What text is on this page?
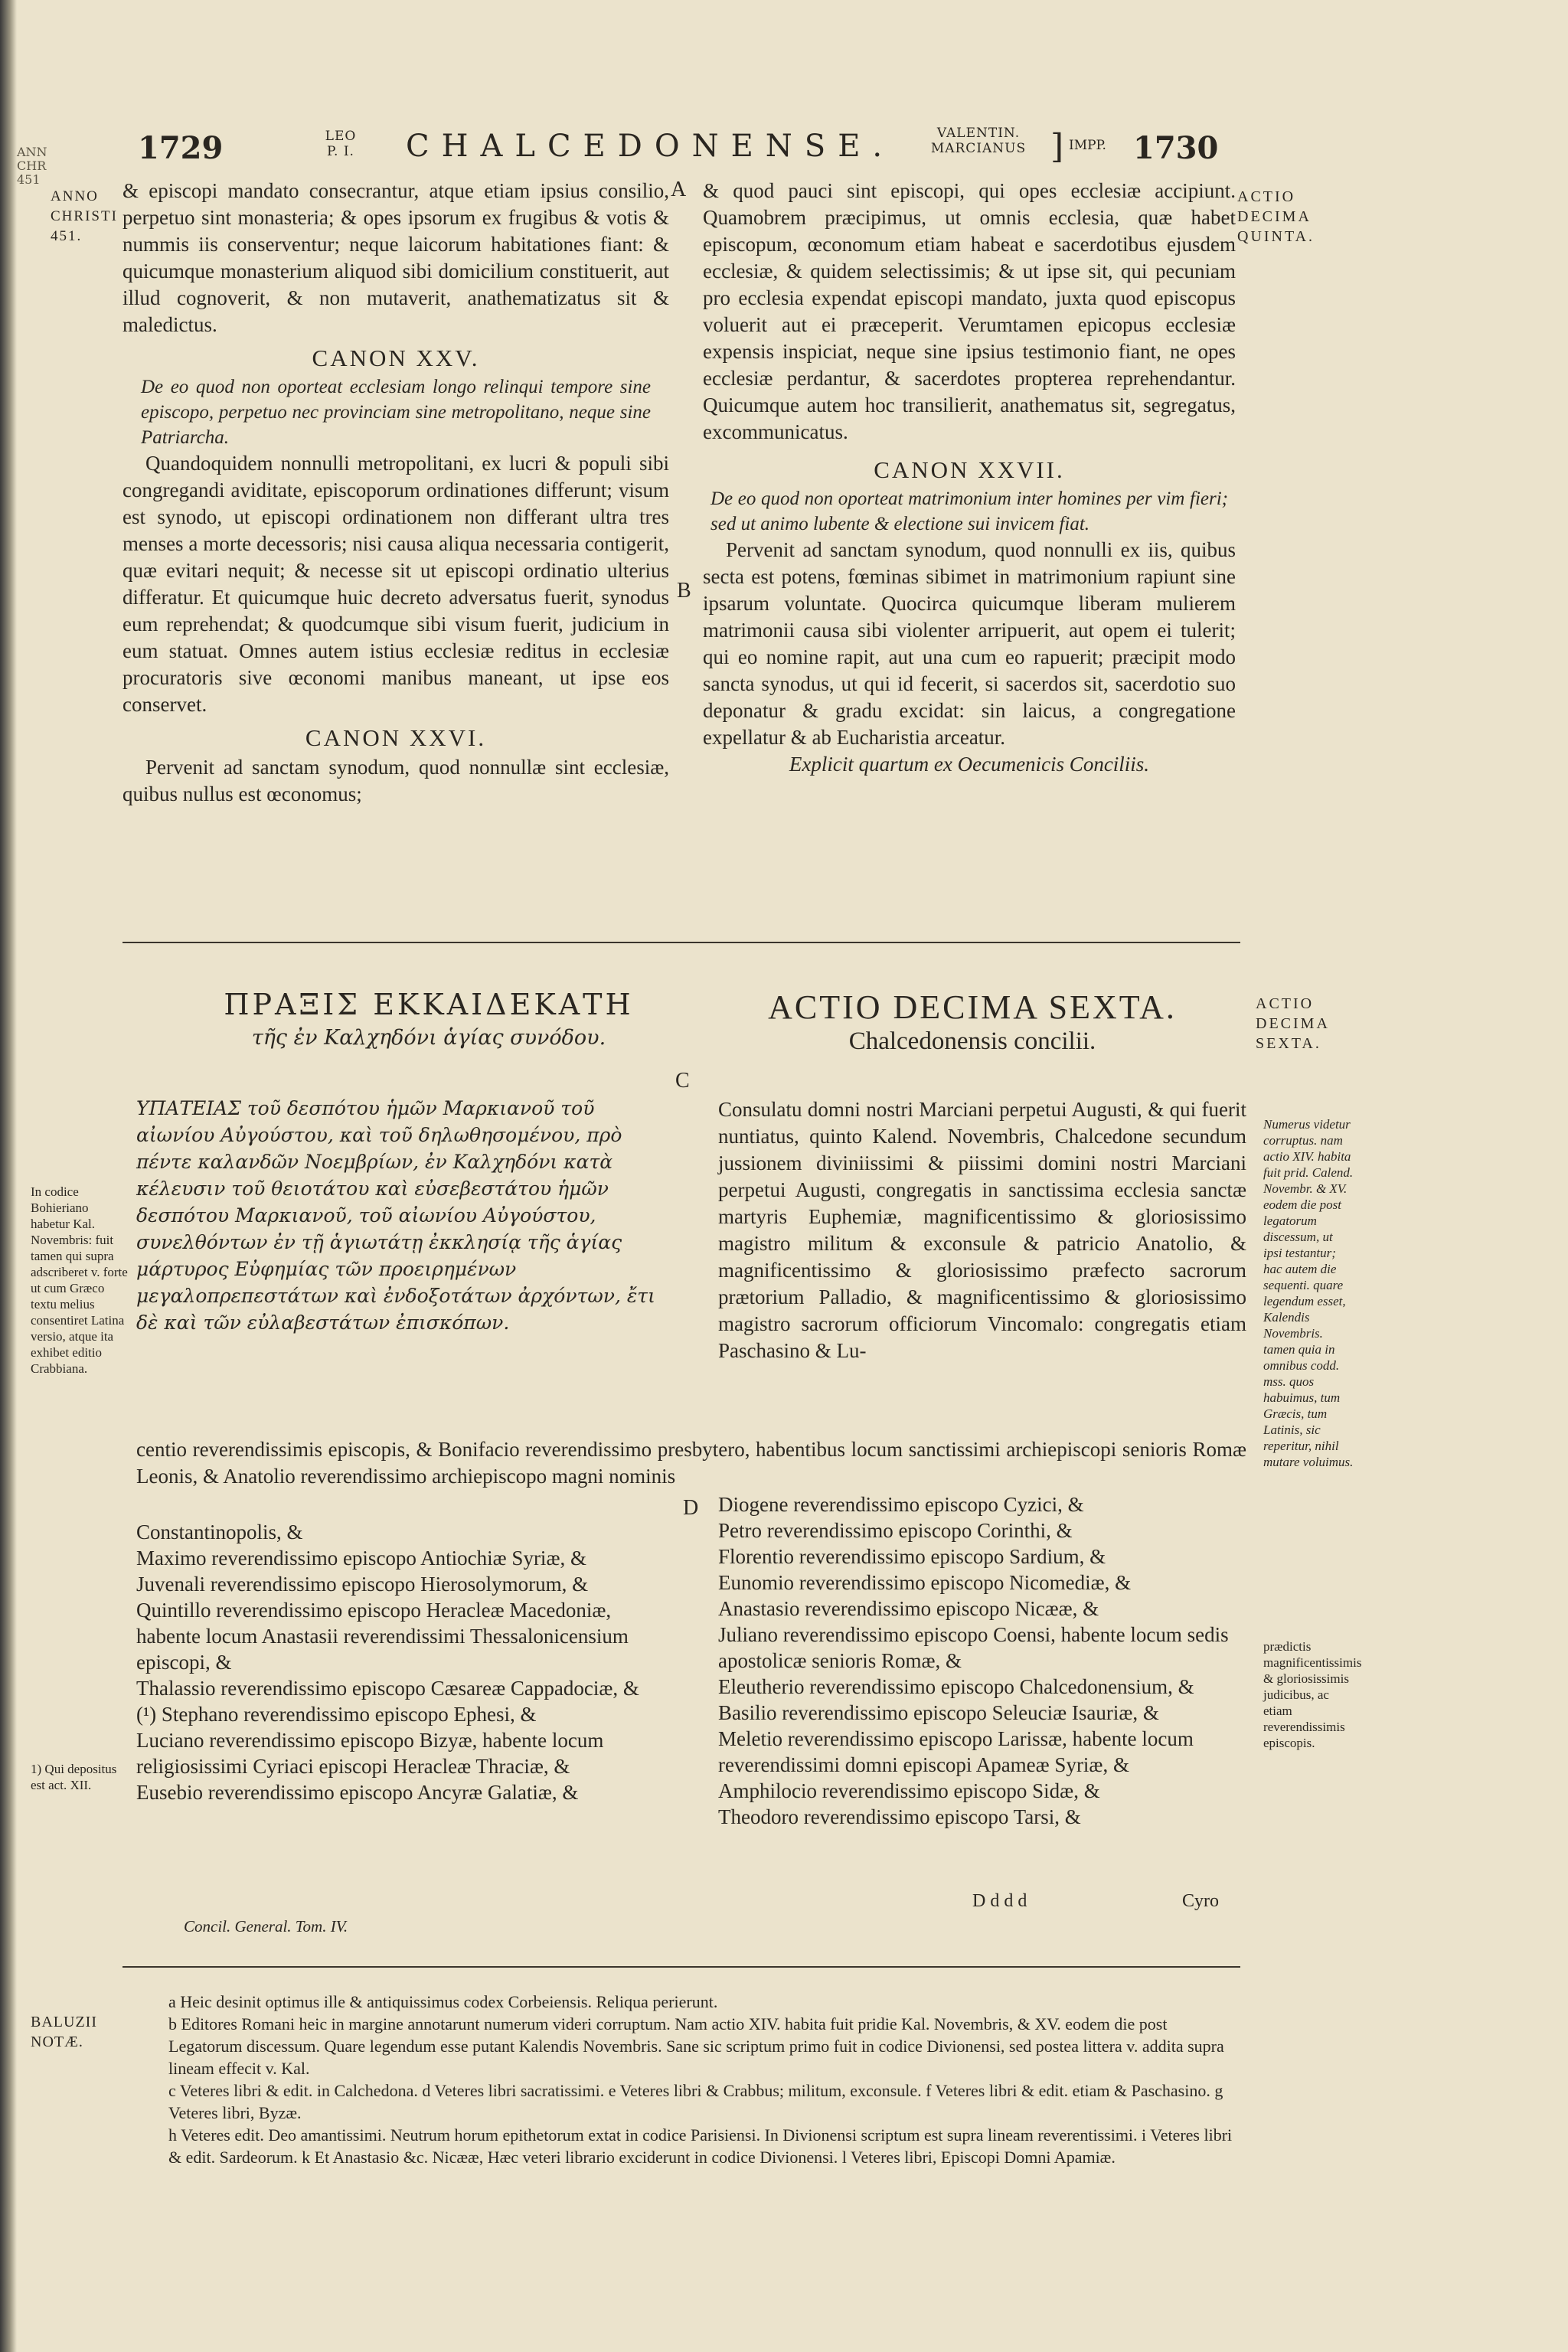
ANN
CHR
451
1729	LEO
P. I.	CHALCEDONENSE.	VALENTIN.
MARCIANUS ] IMPP. 1730
ANNO
CHRISTI
451.
ACTIO
DECIMA
QUINTA.

& episcopi mandato consecrantur, atque etiam ipsius consilio, perpetuo sint monasteria; & opes ipsorum ex frugibus & votis & nummis iis conserventur; neque laicorum habitationes fiant: & quicumque monasterium aliquod sibi domicilium constituerit, aut illud cognoverit, & non mutaverit, anathematizatus sit & maledictus.

CANON XXV.

De eo quod non oporteat ecclesiam longo relinqui tempore sine episcopo, perpetuo nec provinciam sine metropolitano, neque sine Patriarcha.

Quandoquidem nonnulli metropolitani, ex lucri & populi sibi congregandi aviditate, episcoporum ordinationes differunt; visum est synodo, ut episcopi ordinationem non differant ultra tres menses a morte decessoris; nisi causa aliqua necessaria contigerit, quæ evitari nequit; & necesse sit ut episcopi ordinatio ulterius differatur. Et quicumque huic decreto adversatus fuerit, synodus eum reprehendat; & quodcumque sibi visum fuerit, judicium in eum statuat. Omnes autem istius ecclesiæ reditus in ecclesiæ procuratoris sive œconomi manibus maneant, ut ipse eos conservet.

CANON XXVI.

Pervenit ad sanctam synodum, quod nonnullæ sint ecclesiæ, quibus nullus est œconomus;

A
B

& quod pauci sint episcopi, qui opes ecclesiæ accipiunt. Quamobrem præcipimus, ut omnis ecclesia, quæ habet episcopum, œconomum etiam habeat e sacerdotibus ejusdem ecclesiæ, & quidem selectissimis; & ut ipse sit, qui pecuniam pro ecclesia expendat episcopi mandato, juxta quod episcopus voluerit aut ei præceperit. Verumtamen epicopus ecclesiæ expensis inspiciat, neque sine ipsius testimonio fiant, ne opes ecclesiæ perdantur, & sacerdotes propterea reprehendantur. Quicumque autem hoc transilierit, anathematus sit, segregatus, excommunicatus.

CANON XXVII.

De eo quod non oporteat matrimonium inter homines per vim fieri; sed ut animo lubente & electione sui invicem fiat.

Pervenit ad sanctam synodum, quod nonnulli ex iis, quibus secta est potens, fœminas sibimet in matrimonium rapiunt sine ipsarum voluntate. Quocirca quicumque liberam mulierem matrimonii causa sibi violenter arripuerit, aut opem ei tulerit; qui eo nomine rapit, aut una cum eo rapuerit; præcipit modo sancta synodus, ut qui id fecerit, si sacerdos sit, sacerdotio suo deponatur & gradu excidat: sin laicus, a congregatione expellatur & ab Eucharistia arceatur.

Explicit quartum ex Oecumenicis Conciliis.

ΠΡΑΞΙΣ ΕΚΚΑΙΔΕΚΑΤΗ
τῆς ἐν Καλχηδόνι ἁγίας συνόδου.
ACTIO DECIMA SEXTA.
Chalcedonensis concilii.
ACTIO
DECIMA
SEXTA.
C
ΥΠΑΤΕΙΑΣ τοῦ δεσπότου ἡμῶν Μαρκιανοῦ τοῦ αἰωνίου Αὐγούστου, καὶ τοῦ δηλωθησομένου, πρὸ πέντε καλανδῶν Νοεμβρίων, ἐν Καλχηδόνι κατὰ κέλευσιν τοῦ θειοτάτου καὶ εὐσεβεστάτου ἡμῶν δεσπότου Μαρκιανοῦ, τοῦ αἰωνίου Αὐγούστου, συνελθόντων ἐν τῇ ἁγιωτάτῃ ἐκκλησίᾳ τῆς ἁγίας μάρτυρος Εὐφημίας τῶν προειρημένων μεγαλοπρεπεστάτων καὶ ἐνδοξοτάτων ἀρχόντων, ἔτι δὲ καὶ τῶν εὐλαβεστάτων ἐπισκόπων.
Consulatu domni nostri Marciani perpetui Augusti, & qui fuerit nuntiatus, quinto Kalend. Novembris, Chalcedone secundum jussionem diviniissimi & piissimi domini nostri Marciani perpetui Augusti, congregatis in sanctissima ecclesia sanctæ martyris Euphemiæ, magnificentissimo & gloriosissimo magistro militum & exconsule & patricio Anatolio, & magnificentissimo & gloriosissimo præfecto sacrorum prætorium Palladio, & magnificentissimo & gloriosissimo magistro sacrorum officiorum Vincomalo: congregatis etiam Paschasino & Lu-
centio reverendissimis episcopis, & Bonifacio reverendissimo presbytero, habentibus locum sanctissimi archiepiscopi senioris Romæ Leonis, & Anatolio reverendissimo archiepiscopo magni nominis

Constantinopolis, &

Maximo reverendissimo episcopo Antiochiæ Syriæ, &

Juvenali reverendissimo episcopo Hierosolymorum, &

Quintillo reverendissimo episcopo Heracleæ Macedoniæ, habente locum Anastasii reverendissimi Thessalonicensium episcopi, &

Thalassio reverendissimo episcopo Cæsareæ Cappadociæ, &

(¹) Stephano reverendissimo episcopo Ephesi, &

Luciano reverendissimo episcopo Bizyæ, habente locum religiosissimi Cyriaci episcopi Heracleæ Thraciæ, &

Eusebio reverendissimo episcopo Ancyræ Galatiæ, &

D Diogene reverendissimo episcopo Cyzici, &

Petro reverendissimo episcopo Corinthi, &

Florentio reverendissimo episcopo Sardium, &

Eunomio reverendissimo episcopo Nicomediæ, &

Anastasio reverendissimo episcopo Nicææ, &

Juliano reverendissimo episcopo Coensi, habente locum sedis apostolicæ senioris Romæ, &

Eleutherio reverendissimo episcopo Chalcedonensium, &

Basilio reverendissimo episcopo Seleuciæ Isauriæ, &

Meletio reverendissimo episcopo Larissæ, habente locum reverendissimi domni episcopi Apameæ Syriæ, &

Amphilocio reverendissimo episcopo Sidæ, &

Theodoro reverendissimo episcopo Tarsi, &

Concil. General. Tom. IV.
Dddd	Cyro
In codice Bohieriano habetur Kal. Novembris: fuit tamen qui supra adscriberet v. forte ut cum Græco textu melius consentiret Latina versio, atque ita exhibet editio Crabbiana.
1) Qui depositus est act. XII.
Numerus videtur corruptus. nam actio XIV. habita fuit prid. Calend. Novembr. & XV. eodem die post legatorum discessum, ut ipsi testantur; hac autem die sequenti. quare legendum esset, Kalendis Novembris. tamen quia in omnibus codd. mss. quos habuimus, tum Græcis, tum Latinis, sic reperitur, nihil mutare voluimus.
prædictis magnificentissimis & gloriosissimis judicibus, ac etiam reverendissimis episcopis.
BALUZII
NOTÆ.

a Heic desinit optimus ille & antiquissimus codex Corbeiensis. Reliqua perierunt.

b Editores Romani heic in margine annotarunt numerum videri corruptum. Nam actio XIV. habita fuit pridie Kal. Novembris, & XV. eodem die post Legatorum discessum. Quare legendum esse putant Kalendis Novembris. Sane sic scriptum primo fuit in codice Divionensi, sed postea littera v. addita supra lineam effecit v. Kal.

c Veteres libri & edit. in Calchedona. d Veteres libri sacratissimi. e Veteres libri & Crabbus; militum, exconsule. f Veteres libri & edit. etiam & Paschasino. g Veteres libri, Byzæ.

h Veteres edit. Deo amantissimi. Neutrum horum epithetorum extat in codice Parisiensi. In Divionensi scriptum est supra lineam reverentissimi. i Veteres libri & edit. Sardeorum. k Et Anastasio &c. Nicææ, Hæc veteri librario exciderunt in codice Divionensi. l Veteres libri, Episcopi Domni Apamiæ.
